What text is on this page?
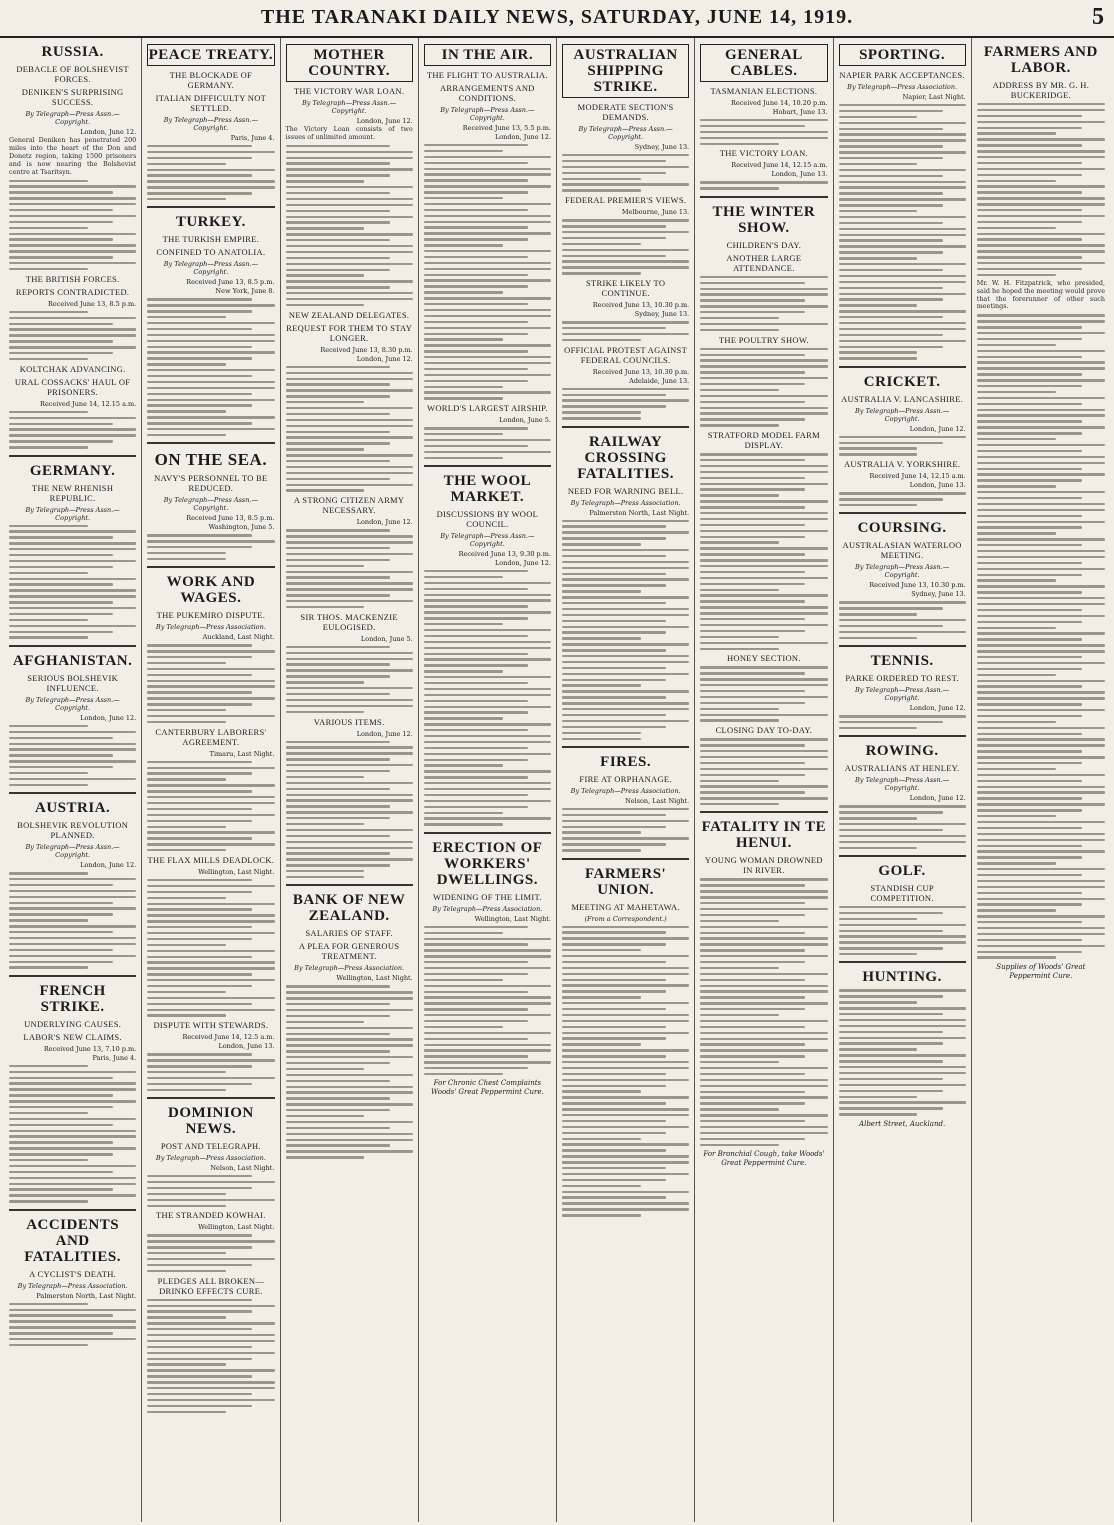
THE TARANAKI DAILY NEWS, SATURDAY, JUNE 14, 1919.	5
RUSSIA.
DEBACLE OF BOLSHEVIST FORCES.
DENIKEN'S SURPRISING SUCCESS.
By Telegraph—Press Assn.—Copyright.
London, June 12.
General Deniken has penetrated 200 miles into the heart of the Don and Donetz region, taking 1500 prisoners and is now nearing the Bolshevist centre at Tsaritsyn.
THE BRITISH FORCES.
REPORTS CONTRADICTED.
Received June 13, 8.5 p.m.
KOLTCHAK ADVANCING.
URAL COSSACKS' HAUL OF PRISONERS.
Received June 14, 12.15 a.m.
GERMANY.
THE NEW RHENISH REPUBLIC.
By Telegraph—Press Assn.—Copyright.
AFGHANISTAN.
SERIOUS BOLSHEVIK INFLUENCE.
By Telegraph—Press Assn.—Copyright.
London, June 12.
AUSTRIA.
BOLSHEVIK REVOLUTION PLANNED.
By Telegraph—Press Assn.—Copyright.
London, June 12.
FRENCH STRIKE.
UNDERLYING CAUSES.
LABOR'S NEW CLAIMS.
Received June 13, 7.10 p.m.
Paris, June 4.
ACCIDENTS AND FATALITIES.
A CYCLIST'S DEATH.
By Telegraph—Press Association.
Palmerston North, Last Night.
PEACE TREATY.
THE BLOCKADE OF GERMANY.
ITALIAN DIFFICULTY NOT SETTLED.
By Telegraph—Press Assn.—Copyright.
Paris, June 4.
TURKEY.
THE TURKISH EMPIRE.
CONFINED TO ANATOLIA.
By Telegraph—Press Assn.—Copyright.
Received June 13, 8.5 p.m.
New York, June 8.
ON THE SEA.
NAVY'S PERSONNEL TO BE REDUCED.
By Telegraph—Press Assn.—Copyright.
Received June 13, 8.5 p.m.
Washington, June 5.
WORK AND WAGES.
THE PUKEMIRO DISPUTE.
By Telegraph—Press Association.
Auckland, Last Night.
CANTERBURY LABORERS' AGREEMENT.
Timaru, Last Night.
THE FLAX MILLS DEADLOCK.
Wellington, Last Night.
DISPUTE WITH STEWARDS.
Received June 14, 12.5 a.m.
London, June 13.
DOMINION NEWS.
POST AND TELEGRAPH.
By Telegraph—Press Association.
Nelson, Last Night.
THE STRANDED KOWHAI.
Wellington, Last Night.
PLEDGES ALL BROKEN—DRINKO EFFECTS CURE.
MOTHER COUNTRY.
THE VICTORY WAR LOAN.
By Telegraph—Press Assn.—Copyright.
London, June 12.
The Victory Loan consists of two issues of unlimited amount.
NEW ZEALAND DELEGATES.
REQUEST FOR THEM TO STAY LONGER.
Received June 13, 8.30 p.m.
London, June 12.
A STRONG CITIZEN ARMY NECESSARY.
London, June 12.
SIR THOS. MACKENZIE EULOGISED.
London, June 5.
VARIOUS ITEMS.
London, June 12.
BANK OF NEW ZEALAND.
SALARIES OF STAFF.
A PLEA FOR GENEROUS TREATMENT.
By Telegraph—Press Association.
Wellington, Last Night.
IN THE AIR.
THE FLIGHT TO AUSTRALIA.
ARRANGEMENTS AND CONDITIONS.
By Telegraph—Press Assn.—Copyright.
Received June 13, 5.5 p.m.
London, June 12.
WORLD'S LARGEST AIRSHIP.
London, June 5.
THE WOOL MARKET.
DISCUSSIONS BY WOOL COUNCIL.
By Telegraph—Press Assn.—Copyright.
Received June 13, 9.30 p.m.
London, June 12.
ERECTION OF WORKERS' DWELLINGS.
WIDENING OF THE LIMIT.
By Telegraph—Press Association.
Wellington, Last Night.
For Chronic Chest Complaints Woods' Great Peppermint Cure.
AUSTRALIAN SHIPPING STRIKE.
MODERATE SECTION'S DEMANDS.
By Telegraph—Press Assn.—Copyright.
Sydney, June 13.
FEDERAL PREMIER'S VIEWS.
Melbourne, June 13.
STRIKE LIKELY TO CONTINUE.
Received June 13, 10.30 p.m.
Sydney, June 13.
OFFICIAL PROTEST AGAINST FEDERAL COUNCILS.
Received June 13, 10.30 p.m.
Adelaide, June 13.
RAILWAY CROSSING FATALITIES.
NEED FOR WARNING BELL.
By Telegraph—Press Association.
Palmerston North, Last Night.
FIRES.
FIRE AT ORPHANAGE.
By Telegraph—Press Association.
Nelson, Last Night.
FARMERS' UNION.
MEETING AT MAHETAWA.
(From a Correspondent.)
GENERAL CABLES.
TASMANIAN ELECTIONS.
Received June 14, 10.20 p.m.
Hobart, June 13.
THE VICTORY LOAN.
Received June 14, 12.15 a.m.
London, June 13.
THE WINTER SHOW.
CHILDREN'S DAY.
ANOTHER LARGE ATTENDANCE.
THE POULTRY SHOW.
STRATFORD MODEL FARM DISPLAY.
HONEY SECTION.
CLOSING DAY TO-DAY.
FATALITY IN TE HENUI.
YOUNG WOMAN DROWNED IN RIVER.
For Bronchial Cough, take Woods' Great Peppermint Cure.
SPORTING.
NAPIER PARK ACCEPTANCES.
By Telegraph—Press Association.
Napier, Last Night.
CRICKET.
AUSTRALIA V. LANCASHIRE.
By Telegraph—Press Assn.—Copyright.
London, June 12.
AUSTRALIA V. YORKSHIRE.
Received June 14, 12.15 a.m.
London, June 13.
COURSING.
AUSTRALASIAN WATERLOO MEETING.
By Telegraph—Press Assn.—Copyright.
Received June 13, 10.30 p.m.
Sydney, June 13.
TENNIS.
PARKE ORDERED TO REST.
By Telegraph—Press Assn.—Copyright.
London, June 12.
ROWING.
AUSTRALIANS AT HENLEY.
By Telegraph—Press Assn.—Copyright.
London, June 12.
GOLF.
STANDISH CUP COMPETITION.
HUNTING.
Albert Street, Auckland.
FARMERS AND LABOR.
ADDRESS BY MR. G. H. BUCKERIDGE.
Mr. W. H. Fitzpatrick, who presided, said he hoped the meeting would prove that the forerunner of other such meetings.
Supplies of Woods' Great Peppermint Cure.
